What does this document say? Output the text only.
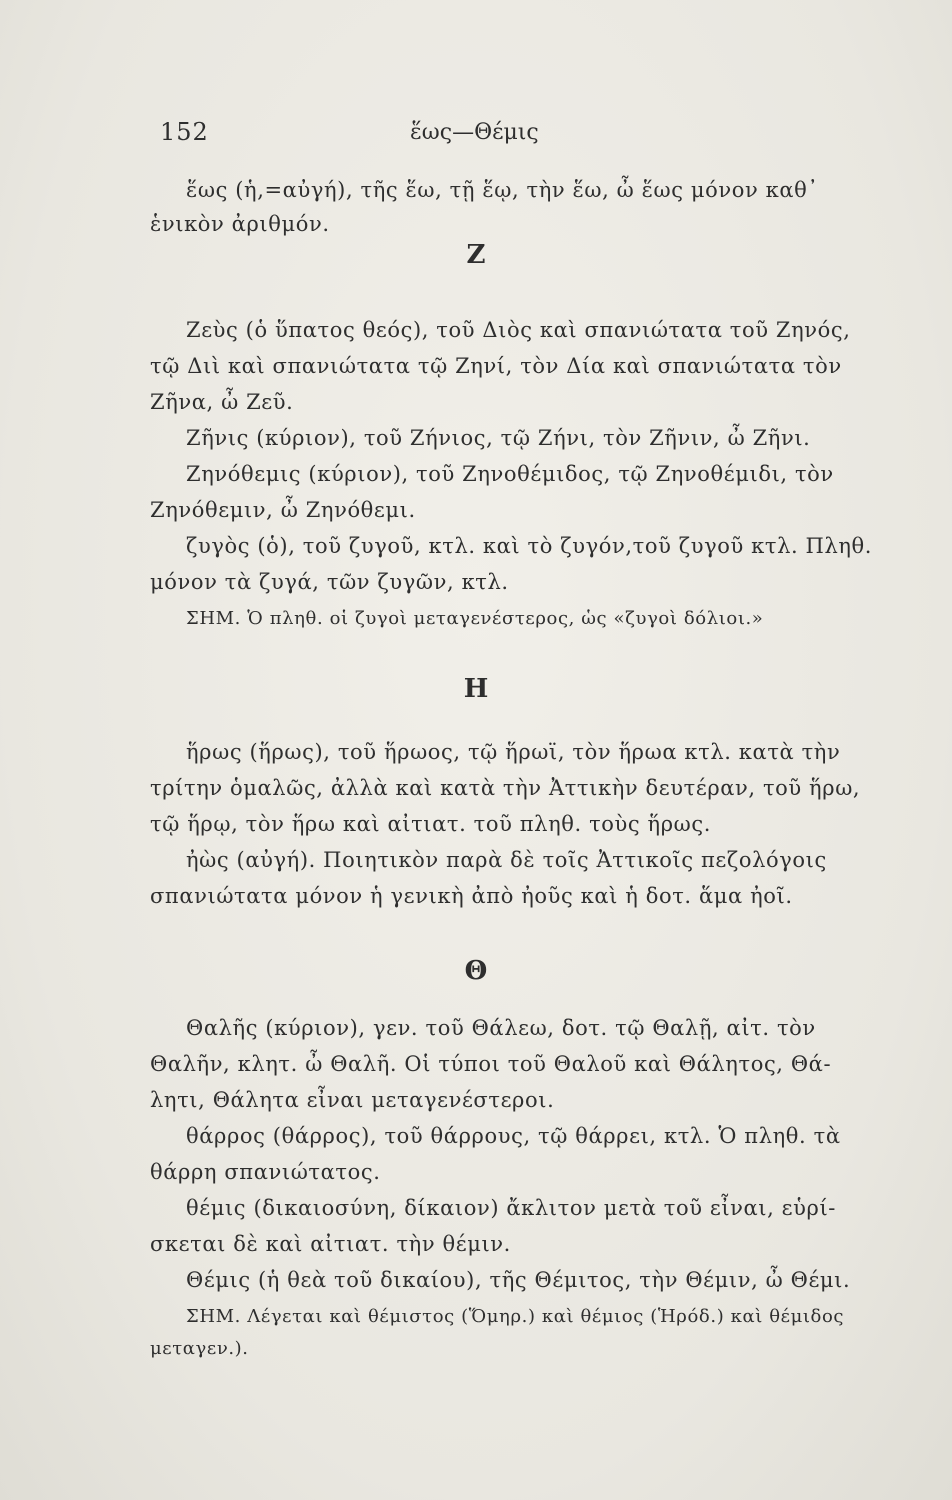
152	ἕως—Θέμις
ἕως (ἡ,=αὐγή), τῆς ἕω, τῇ ἕῳ, τὴν ἕω, ὦ ἕως μόνον καθ᾿
ἑνικὸν ἀριθμόν.
Z
Ζεὺς (ὁ ὕπατος θεός), τοῦ Διὸς καὶ σπανιώτατα τοῦ Ζηνός,
τῷ Διὶ καὶ σπανιώτατα τῷ Ζηνί, τὸν Δία καὶ σπανιώτατα τὸν
Ζῆνα, ὦ Ζεῦ.
Ζῆνις (κύριον), τοῦ Ζήνιος, τῷ Ζήνι, τὸν Ζῆνιν, ὦ Ζῆνι.
Ζηνόθεμις (κύριον), τοῦ Ζηνοθέμιδος, τῷ Ζηνοθέμιδι, τὸν
Ζηνόθεμιν, ὦ Ζηνόθεμι.
ζυγὸς (ὁ), τοῦ ζυγοῦ, κτλ. καὶ τὸ ζυγόν,τοῦ ζυγοῦ κτλ. Πληθ.
μόνον τὰ ζυγά, τῶν ζυγῶν, κτλ.
ΣΗΜ. Ὁ πληθ. οἱ ζυγοὶ μεταγενέστερος, ὡς «ζυγοὶ δόλιοι.»
H
ἥρως (ἥρως), τοῦ ἥρωος, τῷ ἥρωϊ, τὸν ἥρωα κτλ. κατὰ τὴν
τρίτην ὁμαλῶς, ἀλλὰ καὶ κατὰ τὴν Ἀττικὴν δευτέραν, τοῦ ἥρω,
τῷ ἥρῳ, τὸν ἥρω καὶ αἰτιατ. τοῦ πληθ. τοὺς ἥρως.
ἠὼς (αὐγή). Ποιητικὸν παρὰ δὲ τοῖς Ἀττικοῖς πεζολόγοις
σπανιώτατα μόνον ἡ γενικὴ ἀπὸ ἠοῦς καὶ ἡ δοτ. ἅμα ἠοῖ.
Θ
Θαλῆς (κύριον), γεν. τοῦ Θάλεω, δοτ. τῷ Θαλῇ, αἰτ. τὸν
Θαλῆν, κλητ. ὦ Θαλῆ. Οἱ τύποι τοῦ Θαλοῦ καὶ Θάλητος, Θά-
λητι, Θάλητα εἶναι μεταγενέστεροι.
θάρρος (θάρρος), τοῦ θάρρους, τῷ θάρρει, κτλ. Ὁ πληθ. τὰ
θάρρη σπανιώτατος.
θέμις (δικαιοσύνη, δίκαιον) ἄκλιτον μετὰ τοῦ εἶναι, εὑρί-
σκεται δὲ καὶ αἰτιατ. τὴν θέμιν.
Θέμις (ἡ θεὰ τοῦ δικαίου), τῆς Θέμιτος, τὴν Θέμιν, ὦ Θέμι.
ΣΗΜ. Λέγεται καὶ θέμιστος (Ὅμηρ.) καὶ θέμιος (Ἡρόδ.) καὶ θέμιδος
μεταγεν.).
